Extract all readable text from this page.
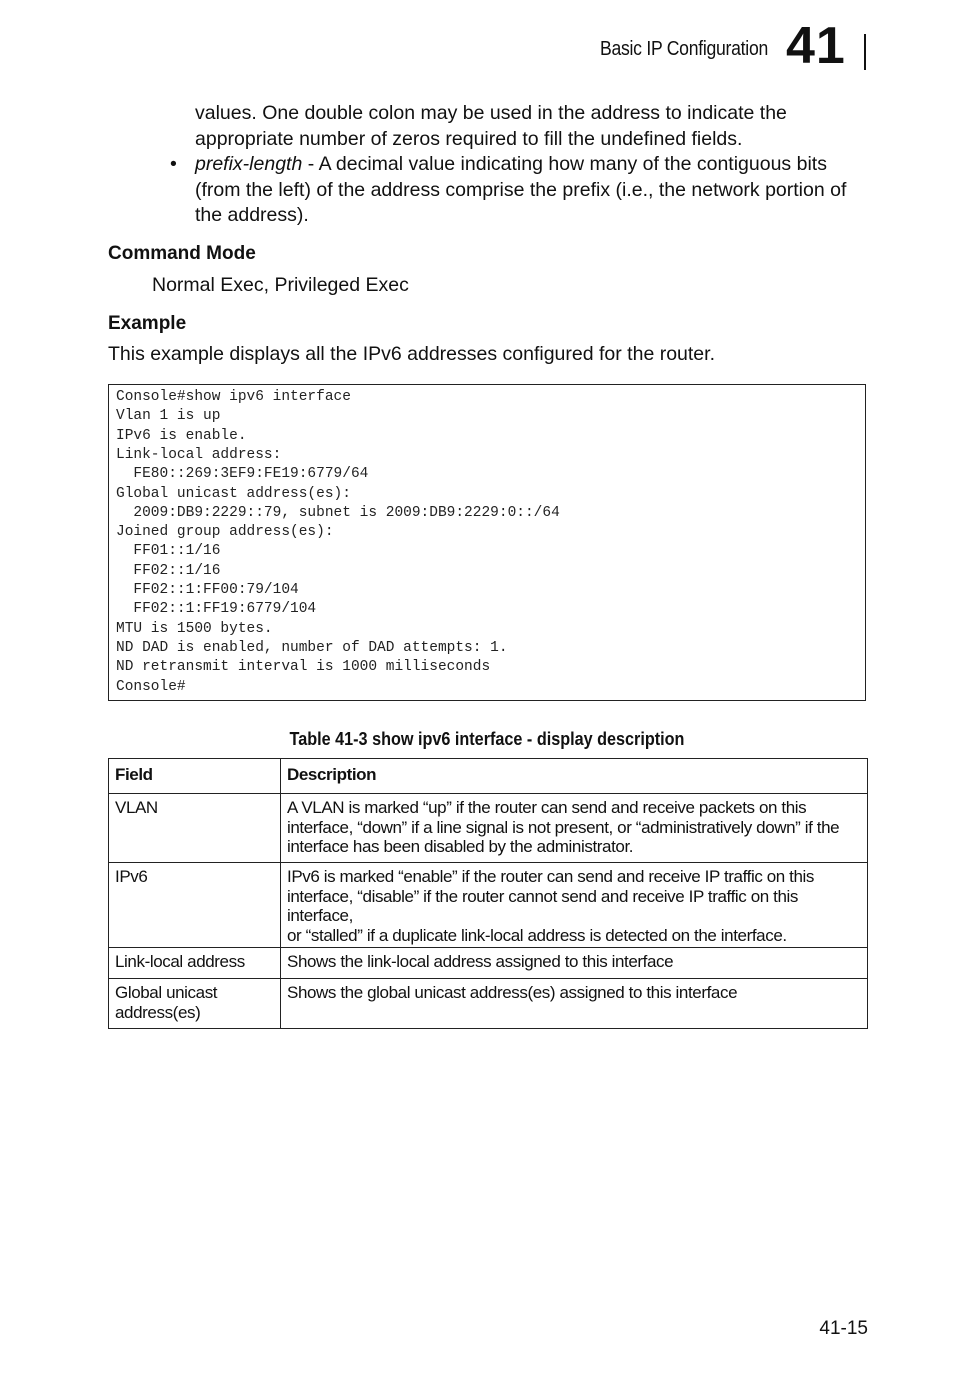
Basic IP Configuration 41
values. One double colon may be used in the address to indicate the
appropriate number of zeros required to fill the undefined fields.
• prefix-length - A decimal value indicating how many of the contiguous bits (from the left) of the address comprise the prefix (i.e., the network portion of the address).
Command Mode
Normal Exec, Privileged Exec
Example
This example displays all the IPv6 addresses configured for the router.
Console#show ipv6 interface
Vlan 1 is up
IPv6 is enable.
Link-local address:
FE80::269:3EF9:FE19:6779/64
Global unicast address(es):
2009:DB9:2229::79, subnet is 2009:DB9:2229:0::/64
Joined group address(es):
FF01::1/16
FF02::1/16
FF02::1:FF00:79/104
FF02::1:FF19:6779/104
MTU is 1500 bytes.
ND DAD is enabled, number of DAD attempts: 1.
ND retransmit interval is 1000 milliseconds
Console#
Table 41-3 show ipv6 interface - display description
Field	Description
VLAN	A VLAN is marked “up” if the router can send and receive packets on this
interface, “down” if a line signal is not present, or “administratively down” if the
interface has been disabled by the administrator.

IPv6	IPv6 is marked “enable” if the router can send and receive IP traffic on this
interface, “disable” if the router cannot send and receive IP traffic on this interface,
or “stalled” if a duplicate link-local address is detected on the interface.

Link-local address	Shows the link-local address assigned to this interface

Global unicast
address(es)	Shows the global unicast address(es) assigned to this interface
41-15
